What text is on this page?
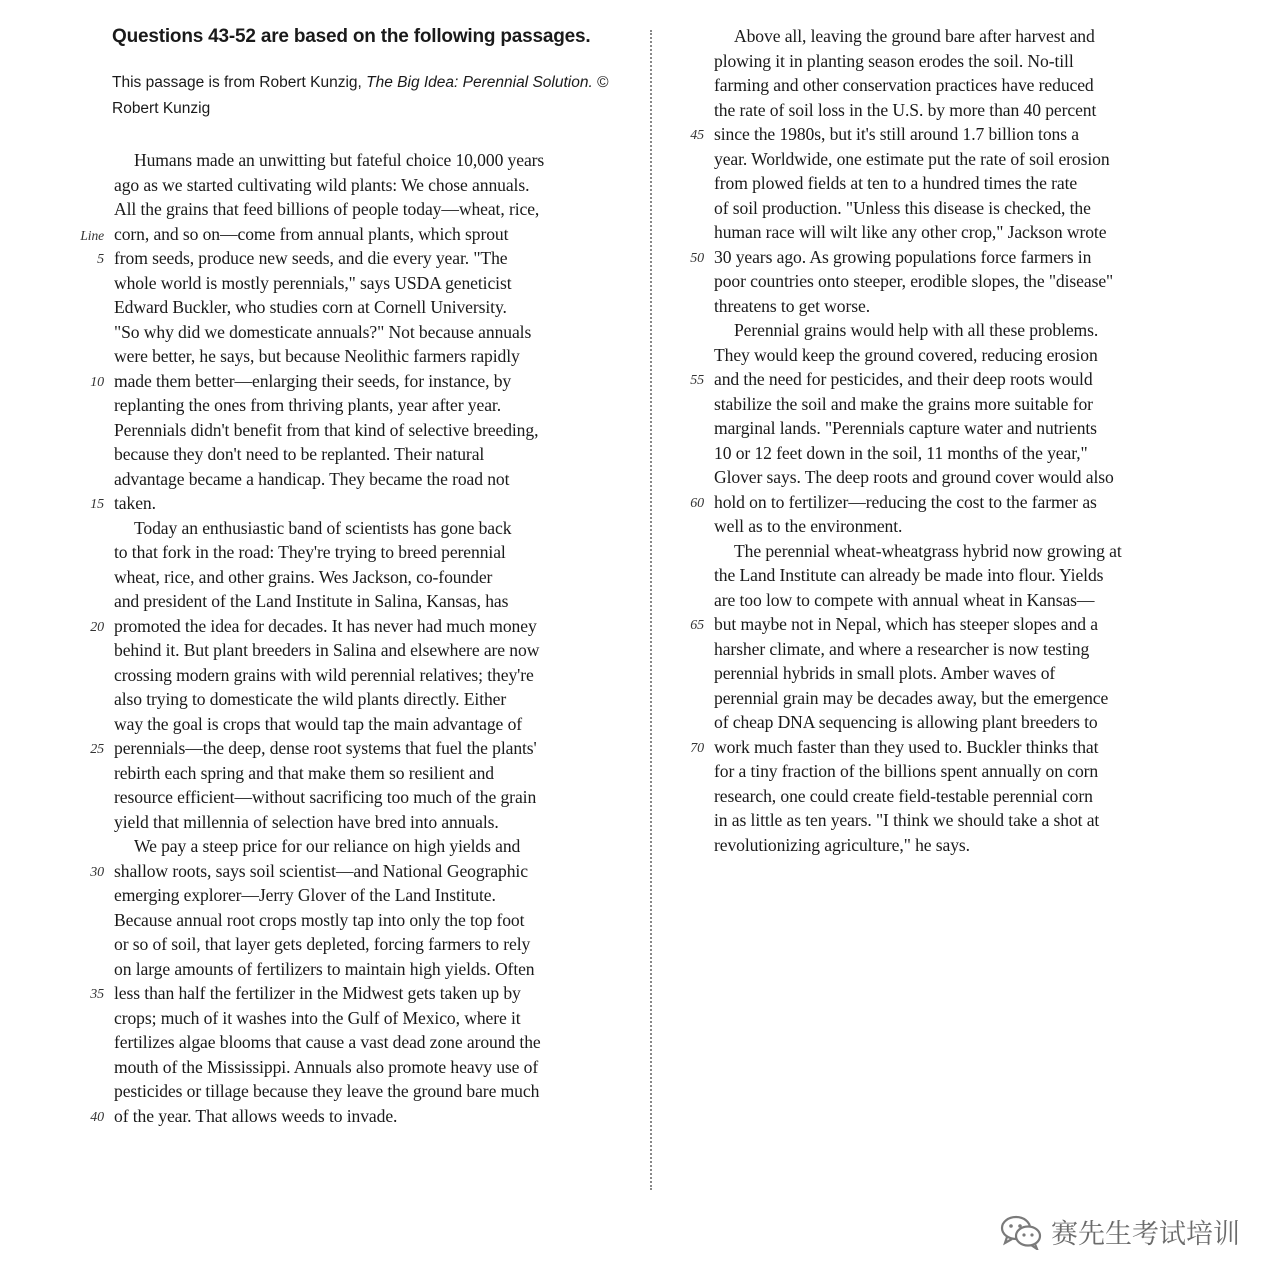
Questions 43-52 are based on the following passages.

This passage is from Robert Kunzig, The Big Idea: Perennial Solution. © Robert Kunzig

Humans made an unwitting but fateful choice 10,000 years
ago as we started cultivating wild plants: We chose annuals.
All the grains that feed billions of people today—wheat, rice,
Line corn, and so on—come from annual plants, which sprout
5 from seeds, produce new seeds, and die every year. "The
whole world is mostly perennials," says USDA geneticist
Edward Buckler, who studies corn at Cornell University.
"So why did we domesticate annuals?" Not because annuals
were better, he says, but because Neolithic farmers rapidly
10 made them better—enlarging their seeds, for instance, by
replanting the ones from thriving plants, year after year.
Perennials didn't benefit from that kind of selective breeding,
because they don't need to be replanted. Their natural
advantage became a handicap. They became the road not
15 taken.
Today an enthusiastic band of scientists has gone back
to that fork in the road: They're trying to breed perennial
wheat, rice, and other grains. Wes Jackson, co-founder
and president of the Land Institute in Salina, Kansas, has
20 promoted the idea for decades. It has never had much money
behind it. But plant breeders in Salina and elsewhere are now
crossing modern grains with wild perennial relatives; they're
also trying to domesticate the wild plants directly. Either
way the goal is crops that would tap the main advantage of
25 perennials—the deep, dense root systems that fuel the plants'
rebirth each spring and that make them so resilient and
resource efficient—without sacrificing too much of the grain
yield that millennia of selection have bred into annuals.
We pay a steep price for our reliance on high yields and
30 shallow roots, says soil scientist—and National Geographic
emerging explorer—Jerry Glover of the Land Institute.
Because annual root crops mostly tap into only the top foot
or so of soil, that layer gets depleted, forcing farmers to rely
on large amounts of fertilizers to maintain high yields. Often
35 less than half the fertilizer in the Midwest gets taken up by
crops; much of it washes into the Gulf of Mexico, where it
fertilizes algae blooms that cause a vast dead zone around the
mouth of the Mississippi. Annuals also promote heavy use of
pesticides or tillage because they leave the ground bare much
40 of the year. That allows weeds to invade.
Above all, leaving the ground bare after harvest and
plowing it in planting season erodes the soil. No-till
farming and other conservation practices have reduced
the rate of soil loss in the U.S. by more than 40 percent
45 since the 1980s, but it's still around 1.7 billion tons a
year. Worldwide, one estimate put the rate of soil erosion
from plowed fields at ten to a hundred times the rate
of soil production. "Unless this disease is checked, the
human race will wilt like any other crop," Jackson wrote
50 30 years ago. As growing populations force farmers in
poor countries onto steeper, erodible slopes, the "disease"
threatens to get worse.
Perennial grains would help with all these problems.
They would keep the ground covered, reducing erosion
55 and the need for pesticides, and their deep roots would
stabilize the soil and make the grains more suitable for
marginal lands. "Perennials capture water and nutrients
10 or 12 feet down in the soil, 11 months of the year,"
Glover says. The deep roots and ground cover would also
60 hold on to fertilizer—reducing the cost to the farmer as
well as to the environment.
The perennial wheat-wheatgrass hybrid now growing at
the Land Institute can already be made into flour. Yields
are too low to compete with annual wheat in Kansas—
65 but maybe not in Nepal, which has steeper slopes and a
harsher climate, and where a researcher is now testing
perennial hybrids in small plots. Amber waves of
perennial grain may be decades away, but the emergence
of cheap DNA sequencing is allowing plant breeders to
70 work much faster than they used to. Buckler thinks that
for a tiny fraction of the billions spent annually on corn
research, one could create field-testable perennial corn
in as little as ten years. "I think we should take a shot at
revolutionizing agriculture," he says.
赛先生考试培训
